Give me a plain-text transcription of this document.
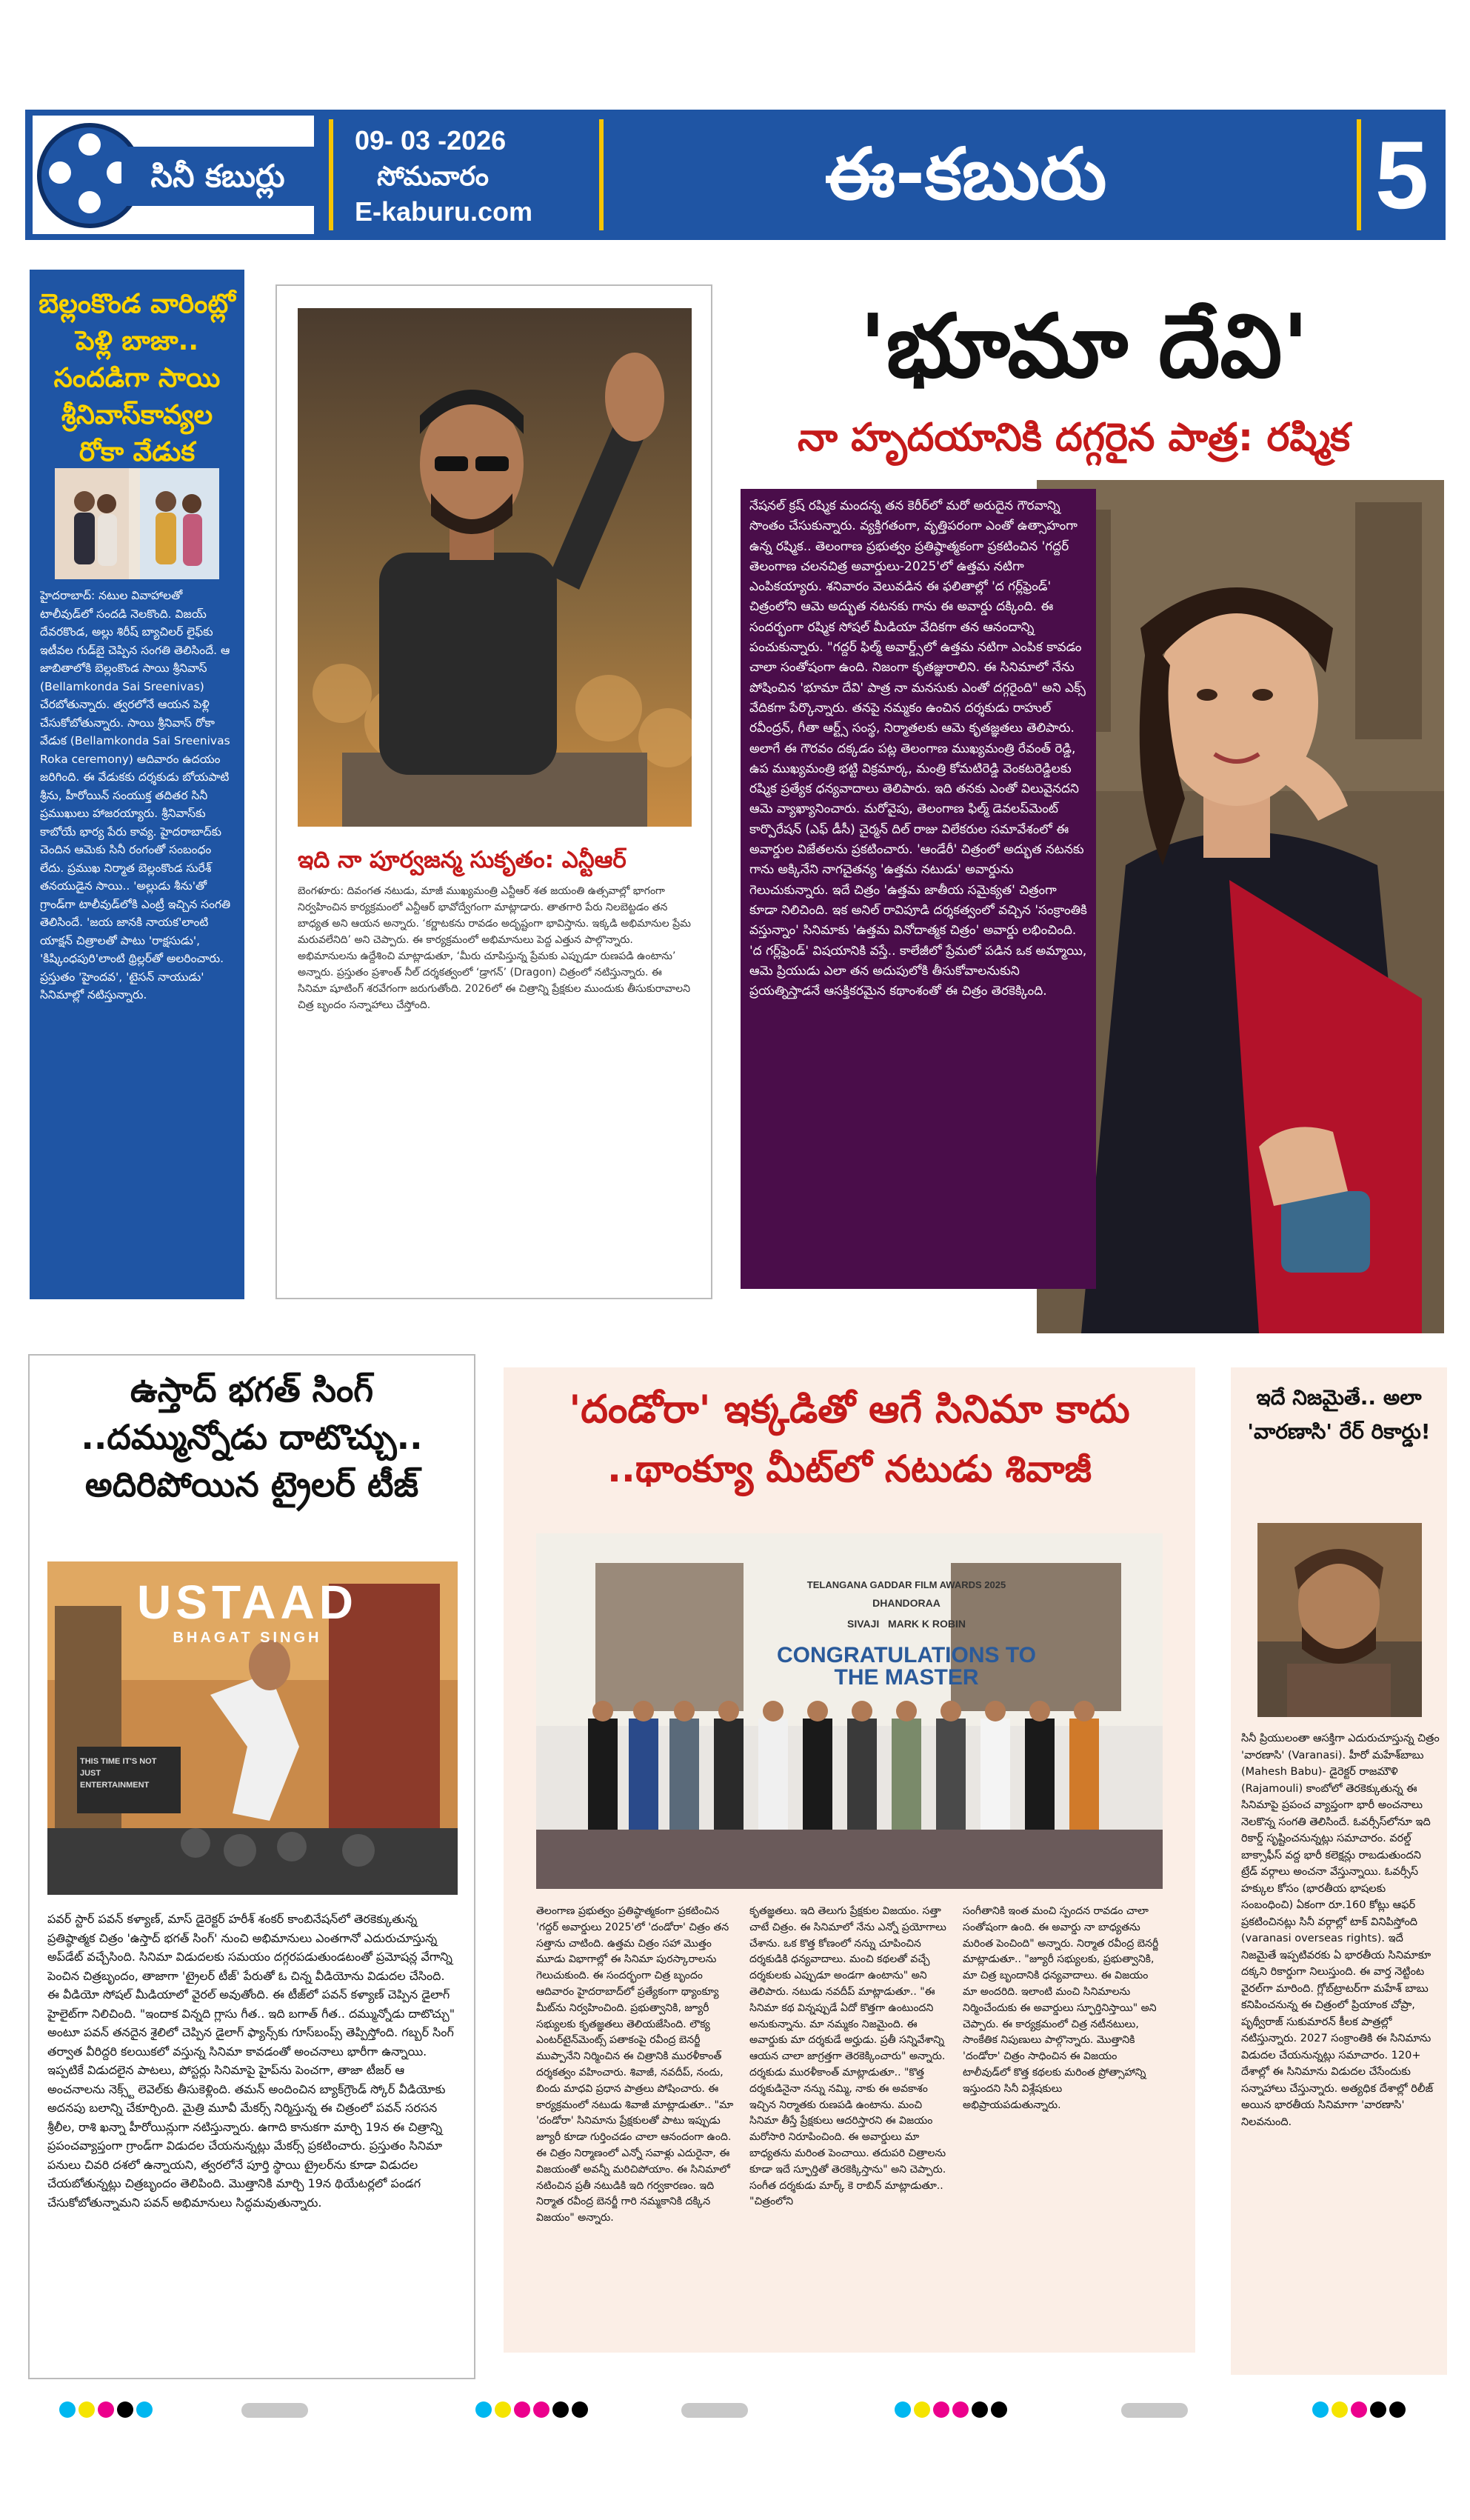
సినీ కబుర్లు
09- 03 -2026
సోమవారం
E-kaburu.com	ఈ-కబురు	5
బెల్లంకొండ వారింట్లో పెళ్లి బాజా.. సందడిగా సాయి శ్రీనివాస్‌కావ్యల రోకా వేడుక
హైదరాబాద్: నటుల వివాహాలతో టాలీవుడ్‌లో సందడి నెలకొంది. విజయ్ దేవరకొండ, అల్లు శిరీష్ బ్యాచిలర్ లైఫ్‌కు ఇటీవల గుడ్‌బై చెప్పిన సంగతి తెలిసిందే. ఆ జాబితాలోకి బెల్లంకొండ సాయి శ్రీనివాస్ (Bellamkonda Sai Sreenivas) చేరబోతున్నారు. త్వరలోనే ఆయన పెళ్లి చేసుకోబోతున్నారు. సాయి శ్రీనివాస్ రోకా వేడుక (Bellamkonda Sai Sreenivas Roka ceremony) ఆదివారం ఉదయం జరిగింది. ఈ వేడుకకు దర్శకుడు బోయపాటి శ్రీను, హీరోయిన్ సంయుక్త తదితర సినీ ప్రముఖులు హాజరయ్యారు. శ్రీనివాస్‌కు కాబోయే భార్య పేరు కావ్య. హైదరాబాద్‌కు చెందిన ఆమెకు సినీ రంగంతో సంబంధం లేదు. ప్రముఖ నిర్మాత బెల్లంకొండ సురేశ్ తనయుడైన సాయి.. 'అల్లుడు శీను'తో గ్రాండ్‌గా టాలీవుడ్‌లోకి ఎంట్రీ ఇచ్చిన సంగతి తెలిసిందే. 'జయ జానకి నాయక'లాంటి యాక్షన్ చిత్రాలతో పాటు 'రాక్షసుడు', 'కిష్కింధపురి'లాంటి థ్రిల్లర్‌తో అలరించారు. ప్రస్తుతం 'హైందవ', 'టైసన్ నాయుడు' సినిమాల్లో నటిస్తున్నారు.
ఇది నా పూర్వజన్మ సుకృతం: ఎన్టీఆర్
బెంగళూరు: దివంగత నటుడు, మాజీ ముఖ్యమంత్రి ఎన్టీఆర్ శత జయంతి ఉత్సవాల్లో భాగంగా నిర్వహించిన కార్యక్రమంలో ఎన్టీఆర్ భావోద్వేగంగా మాట్లాడారు. తాతగారి పేరు నిలబెట్టడం తన బాధ్యత అని ఆయన అన్నారు. ‘కర్ణాటకను రావడం అదృష్టంగా భావిస్తాను. ఇక్కడి అభిమానుల ప్రేమ మరువలేనిది’ అని చెప్పారు. ఈ కార్యక్రమంలో అభిమానులు పెద్ద ఎత్తున పాల్గొన్నారు. అభిమానులను ఉద్దేశించి మాట్లాడుతూ, ‘మీరు చూపిస్తున్న ప్రేమకు ఎప్పుడూ రుణపడి ఉంటాను’ అన్నారు. ప్రస్తుతం ప్రశాంత్ నీల్ దర్శకత్వంలో ‘డ్రాగన్’ (Dragon) చిత్రంలో నటిస్తున్నారు. ఈ సినిమా షూటింగ్ శరవేగంగా జరుగుతోంది. 2026లో ఈ చిత్రాన్ని ప్రేక్షకుల ముందుకు తీసుకురావాలని చిత్ర బృందం సన్నాహాలు చేస్తోంది.
'భూమా దేవి'
నా హృదయానికి దగ్గరైన పాత్ర: రష్మిక
నేషనల్ క్రష్ రష్మిక మందన్న తన కెరీర్‌లో మరో అరుదైన గౌరవాన్ని సొంతం చేసుకున్నారు. వ్యక్తిగతంగా, వృత్తిపరంగా ఎంతో ఉత్సాహంగా ఉన్న రష్మిక.. తెలంగాణ ప్రభుత్వం ప్రతిష్ఠాత్మకంగా ప్రకటించిన 'గద్దర్ తెలంగాణ చలనచిత్ర అవార్డులు-2025'లో ఉత్తమ నటిగా ఎంపికయ్యారు. శనివారం వెలువడిన ఈ ఫలితాల్లో 'ద గర్ల్‌ఫ్రెండ్' చిత్రంలోని ఆమె అద్భుత నటనకు గాను ఈ అవార్డు దక్కింది. ఈ సందర్భంగా రష్మిక సోషల్ మీడియా వేదికగా తన ఆనందాన్ని పంచుకున్నారు. "గద్దర్ ఫిల్మ్ అవార్డ్స్‌లో ఉత్తమ నటిగా ఎంపిక కావడం చాలా సంతోషంగా ఉంది. నిజంగా కృతజ్ఞురాలిని. ఈ సినిమాలో నేను పోషించిన 'భూమా దేవి' పాత్ర నా మనసుకు ఎంతో దగ్గరైంది" అని ఎక్స్ వేదికగా పేర్కొన్నారు. తనపై నమ్మకం ఉంచిన దర్శకుడు రాహుల్ రవీంద్రన్, గీతా ఆర్ట్స్ సంస్థ, నిర్మాతలకు ఆమె కృతజ్ఞతలు తెలిపారు. అలాగే ఈ గౌరవం దక్కడం పట్ల తెలంగాణ ముఖ్యమంత్రి రేవంత్ రెడ్డి, ఉప ముఖ్యమంత్రి భట్టి విక్రమార్క, మంత్రి కోమటిరెడ్డి వెంకటరెడ్డిలకు రష్మిక ప్రత్యేక ధన్యవాదాలు తెలిపారు. ఇది తనకు ఎంతో విలువైనదని ఆమె వ్యాఖ్యానించారు. మరోవైపు, తెలంగాణ ఫిల్మ్ డెవలప్‌మెంట్ కార్పొరేషన్ (ఎఫ్ డీసీ) చైర్మన్ దిల్ రాజు విలేకరుల సమావేశంలో ఈ అవార్డుల విజేతలను ప్రకటించారు. 'ఆండేరీ' చిత్రంలో అద్భుత నటనకు గాను అక్కినేని నాగచైతన్య 'ఉత్తమ నటుడు' అవార్డును గెలుచుకున్నారు. ఇదే చిత్రం 'ఉత్తమ జాతీయ సమైక్యత' చిత్రంగా కూడా నిలిచింది. ఇక అనిల్ రావిపూడి దర్శకత్వంలో వచ్చిన 'సంక్రాంతికి వస్తున్నాం' సినిమాకు 'ఉత్తమ వినోదాత్మక చిత్రం' అవార్డు లభించింది. 'ద గర్ల్‌ఫ్రెండ్' విషయానికి వస్తే.. కాలేజీలో ప్రేమలో పడిన ఒక అమ్మాయి, ఆమె ప్రియుడు ఎలా తన అదుపులోకి తీసుకోవాలనుకుని ప్రయత్నిస్తాడనే ఆసక్తికరమైన కథాంశంతో ఈ చిత్రం తెరకెక్కింది.
ఉస్తాద్ భగత్ సింగ్ ..దమ్మున్నోడు దాటొచ్చు.. అదిరిపోయిన ట్రైలర్ టీజ్
USTAAD
BHAGAT SINGH
THIS TIME IT'S NOT JUST ENTERTAINMENT
పవర్ స్టార్ పవన్ కళ్యాణ్, మాస్ డైరెక్టర్ హరీశ్ శంకర్ కాంబినేషన్‌లో తెరకెక్కుతున్న ప్రతిష్ఠాత్మక చిత్రం 'ఉస్తాద్ భగత్ సింగ్' నుంచి అభిమానులు ఎంతగానో ఎదురుచూస్తున్న అప్‌డేట్ వచ్చేసింది. సినిమా విడుదలకు సమయం దగ్గరపడుతుండటంతో ప్రమోషన్ల వేగాన్ని పెంచిన చిత్రబృందం, తాజాగా 'ట్రైలర్ టీజ్' పేరుతో ఓ చిన్న వీడియోను విడుదల చేసింది. ఈ వీడియో సోషల్ మీడియాలో వైరల్ అవుతోంది. ఈ టీజ్‌లో పవన్ కళ్యాణ్ చెప్పిన డైలాగ్ హైలైట్‌గా నిలిచింది. "ఇందాక విన్నది గ్లాసు గీత.. ఇది బగాత్ గీత.. దమ్మున్నోడు దాటొచ్చు" అంటూ పవన్ తనదైన శైలిలో చెప్పిన డైలాగ్ ఫ్యాన్స్‌కు గూస్‌బంప్స్ తెప్పిస్తోంది. గబ్బర్ సింగ్ తర్వాత వీరిద్దరి కలయికలో వస్తున్న సినిమా కావడంతో అంచనాలు భారీగా ఉన్నాయి. ఇప్పటికే విడుదలైన పాటలు, పోస్టర్లు సినిమాపై హైప్‌ను పెంచగా, తాజా టీజర్ ఆ అంచనాలను నెక్స్ట్ లెవెల్‌కు తీసుకెళ్లింది. తమన్ అందించిన బ్యాక్‌గ్రౌండ్ స్కోర్ వీడియోకు అదనపు బలాన్ని చేకూర్చింది. మైత్రి మూవీ మేకర్స్ నిర్మిస్తున్న ఈ చిత్రంలో పవన్ సరసన శ్రీలీల, రాశి ఖన్నా హీరోయిన్లుగా నటిస్తున్నారు. ఉగాది కానుకగా మార్చి 19న ఈ చిత్రాన్ని ప్రపంచవ్యాప్తంగా గ్రాండ్‌గా విడుదల చేయనున్నట్లు మేకర్స్ ప్రకటించారు. ప్రస్తుతం సినిమా పనులు చివరి దశలో ఉన్నాయని, త్వరలోనే పూర్తి స్థాయి ట్రైలర్‌ను కూడా విడుదల చేయబోతున్నట్లు చిత్రబృందం తెలిపింది. మొత్తానికి మార్చి 19న థియేటర్లలో పండగ చేసుకోబోతున్నామని పవన్ అభిమానులు సిద్ధమవుతున్నారు.
'దండోరా' ఇక్కడితో ఆగే సినిమా కాదు
..థాంక్యూ మీట్‌లో నటుడు శివాజీ
TELANGANA GADDAR FILM AWARDS 2025
DHANDORAA
SIVAJI   MARK K ROBIN
CONGRATULATIONS TO THE MASTER
తెలంగాణ ప్రభుత్వం ప్రతిష్ఠాత్మకంగా ప్రకటించిన 'గద్దర్ అవార్డులు 2025'లో 'దండోరా' చిత్రం తన సత్తాను చాటింది. ఉత్తమ చిత్రం సహా మొత్తం మూడు విభాగాల్లో ఈ సినిమా పురస్కారాలను గెలుచుకుంది. ఈ సందర్భంగా చిత్ర బృందం ఆదివారం హైదరాబాద్‌లో ప్రత్యేకంగా థ్యాంక్యూ మీట్‌ను నిర్వహించింది. ప్రభుత్వానికి, జ్యూరీ సభ్యులకు కృతజ్ఞతలు తెలియజేసింది. లౌక్య ఎంటర్‌టైన్‌మెంట్స్ పతాకంపై రవీంద్ర బెనర్జీ ముప్పానేని నిర్మించిన ఈ చిత్రానికి మురళీకాంత్ దర్శకత్వం వహించారు. శివాజీ, నవదీప్, నందు, బిందు మాధవి ప్రధాన పాత్రలు పోషించారు. ఈ కార్యక్రమంలో నటుడు శివాజీ మాట్లాడుతూ.. "మా 'దండోరా' సినిమాను ప్రేక్షకులతో పాటు ఇప్పుడు జ్యూరీ కూడా గుర్తించడం చాలా ఆనందంగా ఉంది. ఈ చిత్రం నిర్మాణంలో ఎన్నో సవాళ్లు ఎదురైనా, ఈ విజయంతో అవన్నీ మరిచిపోయాం. ఈ సినిమాలో నటించిన ప్రతీ నటుడికి ఇది గర్వకారణం. ఇది నిర్మాత రవీంద్ర బెనర్జీ గారి నమ్మకానికి దక్కిన విజయం" అన్నారు.
కృతజ్ఞతలు. ఇది తెలుగు ప్రేక్షకుల విజయం. సత్తా చాటే చిత్రం. ఈ సినిమాలో నేను ఎన్నో ప్రయోగాలు చేశాను. ఒక కొత్త కోణంలో నన్ను చూపించిన దర్శకుడికి ధన్యవాదాలు. మంచి కథలతో వచ్చే దర్శకులకు ఎప్పుడూ అండగా ఉంటాను" అని తెలిపారు. నటుడు నవదీప్ మాట్లాడుతూ.. "ఈ సినిమా కథ విన్నప్పుడే ఏదో కొత్తగా ఉంటుందని అనుకున్నాను. మా నమ్మకం నిజమైంది. ఈ అవార్డుకు మా దర్శకుడే అర్హుడు. ప్రతీ సన్నివేశాన్ని ఆయన చాలా జాగ్రత్తగా తెరకెక్కించారు" అన్నారు. దర్శకుడు మురళీకాంత్ మాట్లాడుతూ.. "కొత్త దర్శకుడినైనా నన్ను నమ్మి, నాకు ఈ అవకాశం ఇచ్చిన నిర్మాతకు రుణపడి ఉంటాను. మంచి సినిమా తీస్తే ప్రేక్షకులు ఆదరిస్తారని ఈ విజయం మరోసారి నిరూపించింది. ఈ అవార్డులు మా బాధ్యతను మరింత పెంచాయి. తదుపరి చిత్రాలను కూడా ఇదే స్ఫూర్తితో తెరకెక్కిస్తాను" అని చెప్పారు. సంగీత దర్శకుడు మార్క్ కె రాబిన్ మాట్లాడుతూ.. "చిత్రంలోని
సంగీతానికి ఇంత మంచి స్పందన రావడం చాలా సంతోషంగా ఉంది. ఈ అవార్డు నా బాధ్యతను మరింత పెంచింది" అన్నారు. నిర్మాత రవీంద్ర బెనర్జీ మాట్లాడుతూ.. "జ్యూరీ సభ్యులకు, ప్రభుత్వానికి, మా చిత్ర బృందానికి ధన్యవాదాలు. ఈ విజయం మా అందరిది. ఇలాంటి మంచి సినిమాలను నిర్మించేందుకు ఈ అవార్డులు స్ఫూర్తినిస్తాయి" అని చెప్పారు. ఈ కార్యక్రమంలో చిత్ర నటీనటులు, సాంకేతిక నిపుణులు పాల్గొన్నారు. మొత్తానికి 'దండోరా' చిత్రం సాధించిన ఈ విజయం టాలీవుడ్‌లో కొత్త కథలకు మరింత ప్రోత్సాహాన్ని ఇస్తుందని సినీ విశ్లేషకులు అభిప్రాయపడుతున్నారు.
ఇదే నిజమైతే.. అలా 'వారణాసి' రేర్ రికార్డు!
సినీ ప్రియులంతా ఆసక్తిగా ఎదురుచూస్తున్న చిత్రం 'వారణాసి' (Varanasi). హీరో మహేశ్‌బాబు (Mahesh Babu)- డైరెక్టర్ రాజమౌళి (Rajamouli) కాంబోలో తెరకెక్కుతున్న ఈ సినిమాపై ప్రపంచ వ్యాప్తంగా భారీ అంచనాలు నెలకొన్న సంగతి తెలిసిందే. ఓవర్సీస్‌లోనూ ఇది రికార్డ్ సృష్టించనున్నట్లు సమాచారం. వరల్డ్ బాక్సాఫీస్ వద్ద భారీ కలెక్షన్లు రాబడుతుందని ట్రేడ్ వర్గాలు అంచనా వేస్తున్నాయి. ఓవర్సీస్ హక్కుల కోసం (భారతీయ భాషలకు సంబంధించి) ఏకంగా రూ.160 కోట్లు ఆఫర్ ప్రకటించినట్లు సినీ వర్గాల్లో టాక్ వినిపిస్తోంది (varanasi overseas rights). ఇదే నిజమైతే ఇప్పటివరకు ఏ భారతీయ సినిమాకూ దక్కని రికార్డుగా నిలుస్తుంది. ఈ వార్త నెట్టింట వైరల్‌గా మారింది. గ్లోబ్‌ట్రాటర్‌గా మహేశ్ బాబు కనిపించనున్న ఈ చిత్రంలో ప్రియాంక చోప్రా, పృథ్వీరాజ్ సుకుమారన్ కీలక పాత్రల్లో నటిస్తున్నారు. 2027 సంక్రాంతికి ఈ సినిమాను విడుదల చేయనున్నట్లు సమాచారం. 120+ దేశాల్లో ఈ సినిమాను విడుదల చేసేందుకు సన్నాహాలు చేస్తున్నారు. అత్యధిక దేశాల్లో రిలీజ్ అయిన భారతీయ సినిమాగా 'వారణాసి' నిలవనుంది.
